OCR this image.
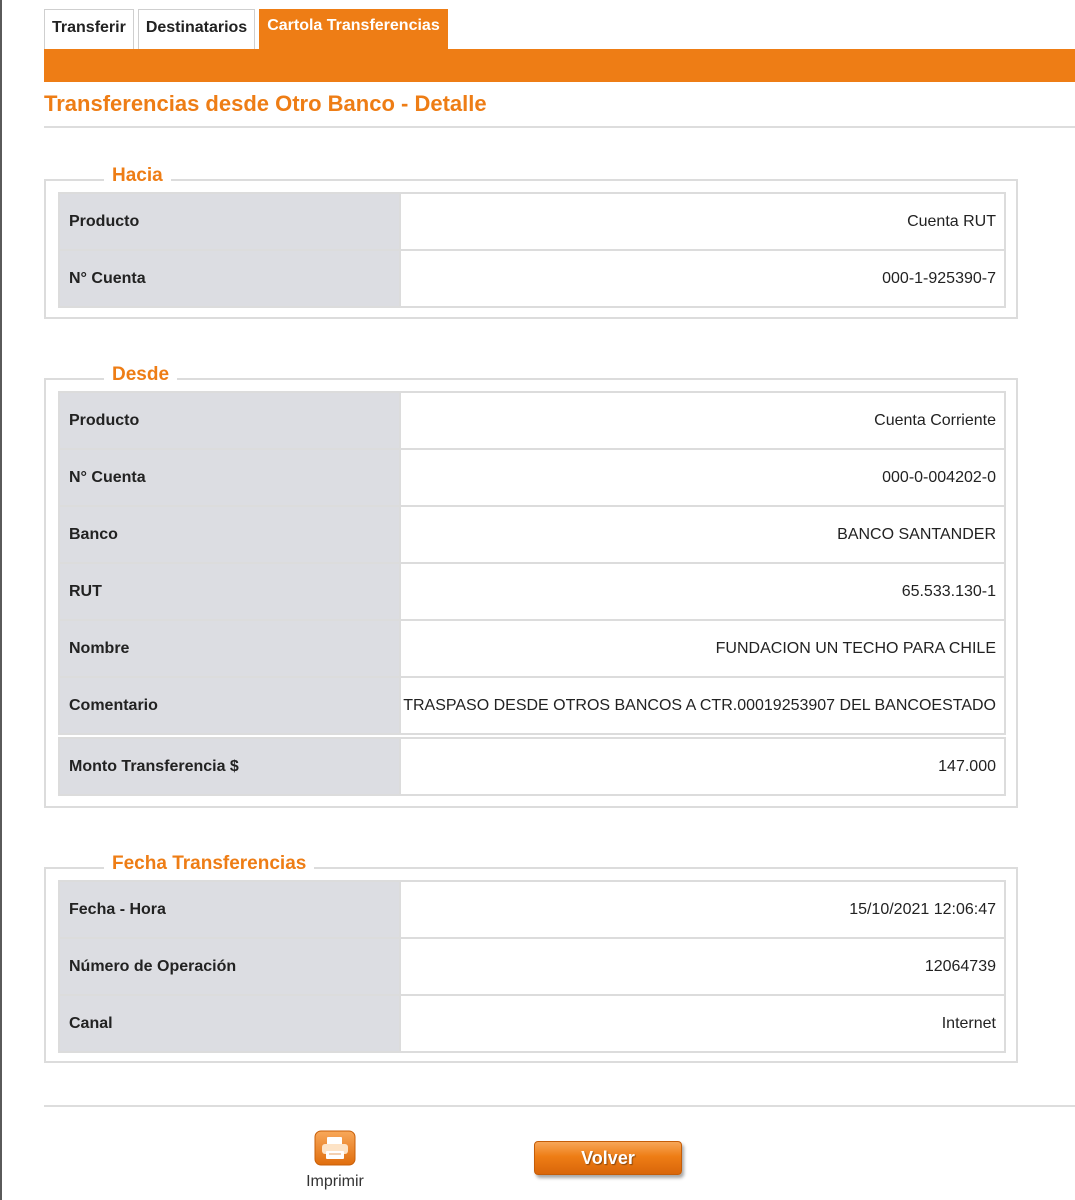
Transferir	Destinatarios	Cartola Transferencias
Transferencias desde Otro Banco - Detalle
Hacia
Producto	Cuenta RUT
N° Cuenta	000-1-925390-7
Desde
Producto	Cuenta Corriente
N° Cuenta	000-0-004202-0
Banco	BANCO SANTANDER
RUT	65.533.130-1
Nombre	FUNDACION UN TECHO PARA CHILE
Comentario	TRASPASO DESDE OTROS BANCOS A CTR.00019253907 DEL BANCOESTADO
Monto Transferencia $	147.000
Fecha Transferencias
Fecha - Hora	15/10/2021 12:06:47
Número de Operación	12064739
Canal	Internet
Imprimir
Volver
